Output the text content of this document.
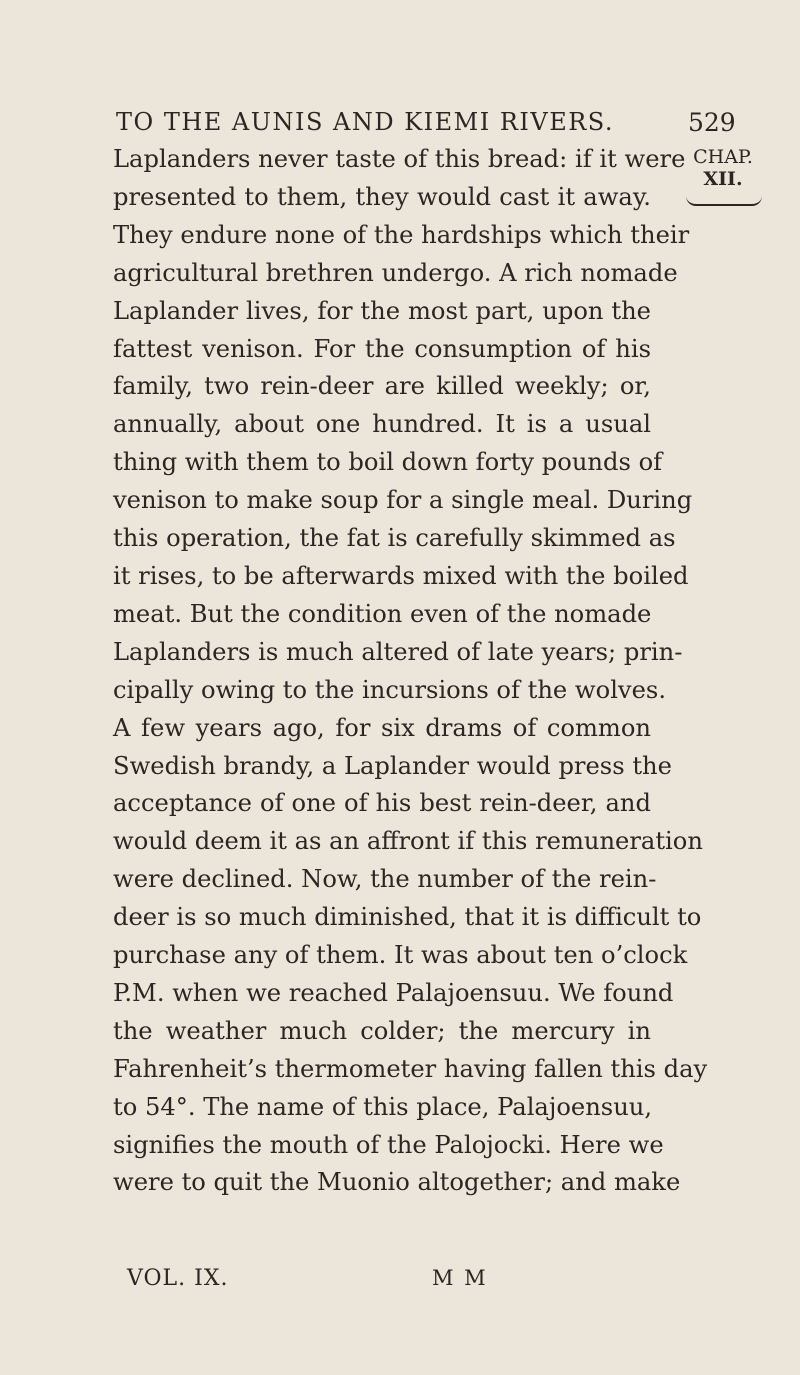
TO THE AUNIS AND KIEMI RIVERS.	529
CHAP.
XII.
Laplanders never taste of this bread: if it were
presented to them, they would cast it away.
They endure none of the hardships which their
agricultural brethren undergo. A rich nomade
Laplander lives, for the most part, upon the
fattest venison. For the consumption of his
family, two rein-deer are killed weekly; or,
annually, about one hundred. It is a usual
thing with them to boil down forty pounds of
venison to make soup for a single meal. During
this operation, the fat is carefully skimmed as
it rises, to be afterwards mixed with the boiled
meat. But the condition even of the nomade
Laplanders is much altered of late years; prin-
cipally owing to the incursions of the wolves.
A few years ago, for six drams of common
Swedish brandy, a Laplander would press the
acceptance of one of his best rein-deer, and
would deem it as an affront if this remuneration
were declined. Now, the number of the rein-
deer is so much diminished, that it is difficult to
purchase any of them. It was about ten o’clock
P.M. when we reached Palajoensuu. We found
the weather much colder; the mercury in
Fahrenheit’s thermometer having fallen this day
to 54°. The name of this place, Palajoensuu,
signifies the mouth of the Palojocki. Here we
were to quit the Muonio altogether; and make
VOL. IX.	M M
